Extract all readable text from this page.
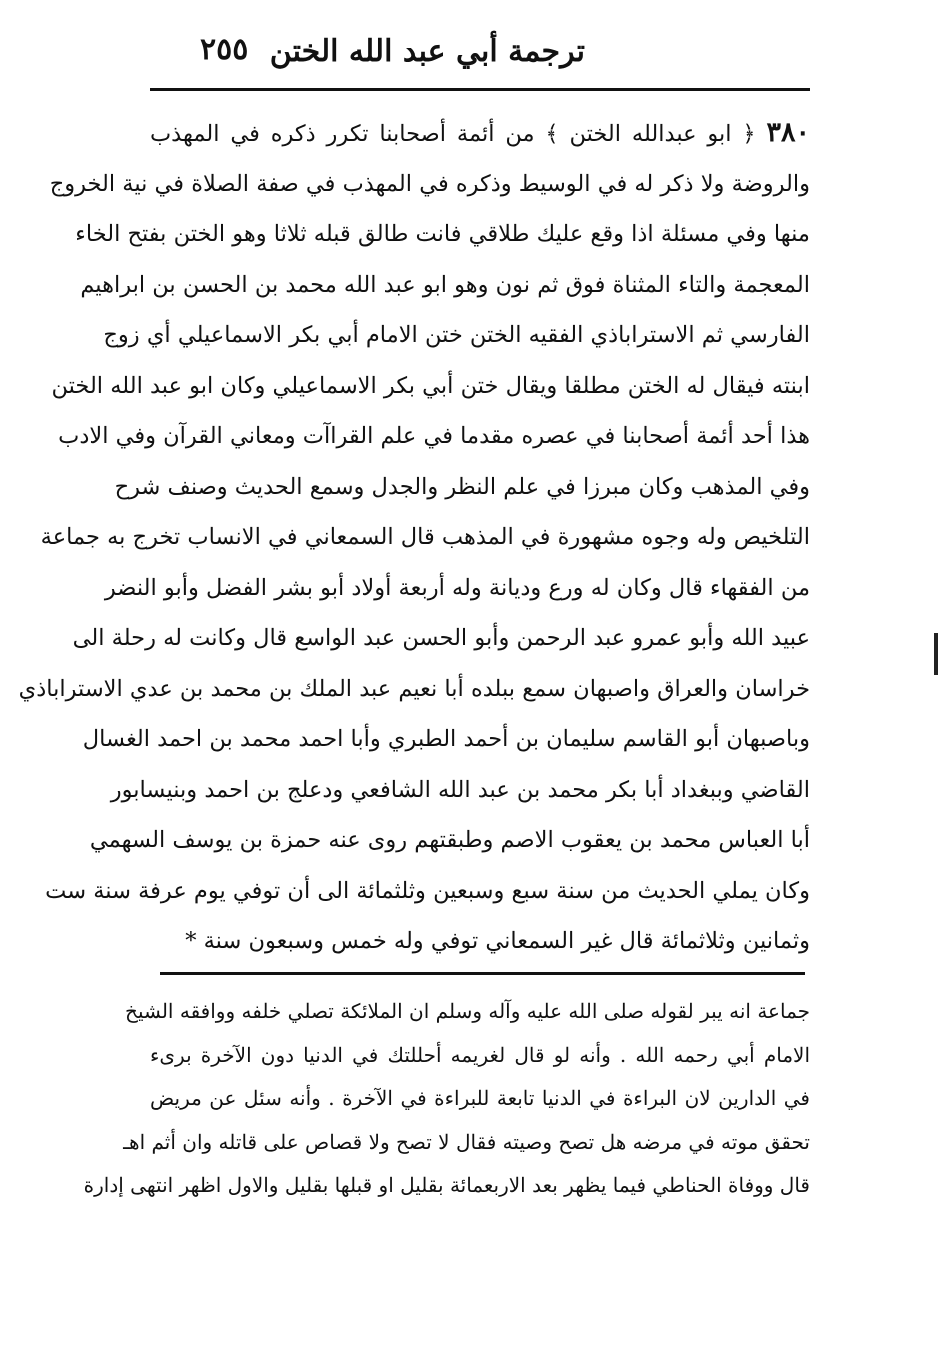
ترجمة أبي عبد الله الختن
٢٥٥
٣٨٠ ﴿ ابو عبدالله الختن ﴾ من أئمة أصحابنا تكرر ذكره في المهذب
والروضة ولا ذكر له في الوسيط وذكره في المهذب في صفة الصلاة في نية الخروج
منها وفي مسئلة اذا وقع عليك طلاقي فانت طالق قبله ثلاثا وهو الختن بفتح الخاء
المعجمة والتاء المثناة فوق ثم نون وهو ابو عبد الله محمد بن الحسن بن ابراهيم
الفارسي ثم الاستراباذي الفقيه الختن ختن الامام أبي بكر الاسماعيلي أي زوج
ابنته فيقال له الختن مطلقا ويقال ختن أبي بكر الاسماعيلي وكان ابو عبد الله الختن
هذا أحد أئمة أصحابنا في عصره مقدما في علم القراآت ومعاني القرآن وفي الادب
وفي المذهب وكان مبرزا في علم النظر والجدل وسمع الحديث وصنف شرح
التلخيص وله وجوه مشهورة في المذهب قال السمعاني في الانساب تخرج به جماعة
من الفقهاء قال وكان له ورع وديانة وله أربعة أولاد أبو بشر الفضل وأبو النضر
عبيد الله وأبو عمرو عبد الرحمن وأبو الحسن عبد الواسع قال وكانت له رحلة الى
خراسان والعراق واصبهان سمع ببلده أبا نعيم عبد الملك بن محمد بن عدي الاستراباذي
وباصبهان أبو القاسم سليمان بن أحمد الطبري وأبا احمد محمد بن احمد الغسال
القاضي وببغداد أبا بكر محمد بن عبد الله الشافعي ودعلج بن احمد وبنيسابور
أبا العباس محمد بن يعقوب الاصم وطبقتهم روى عنه حمزة بن يوسف السهمي
وكان يملي الحديث من سنة سبع وسبعين وثلثمائة الى أن توفي يوم عرفة سنة ست
وثمانين وثلاثمائة قال غير السمعاني توفي وله خمس وسبعون سنة *
جماعة انه يبر لقوله صلى الله عليه وآله وسلم ان الملائكة تصلي خلفه ووافقه الشيخ
الامام أبي رحمه الله . وأنه لو قال لغريمه أحللتك في الدنيا دون الآخرة برىء
في الدارين لان البراءة في الدنيا تابعة للبراءة في الآخرة . وأنه سئل عن مريض
تحقق موته في مرضه هل تصح وصيته فقال لا تصح ولا قصاص على قاتله وان أثم اهـ
قال ووفاة الحناطي فيما يظهر بعد الاربعمائة بقليل او قبلها بقليل والاول اظهر انتهى إدارة
